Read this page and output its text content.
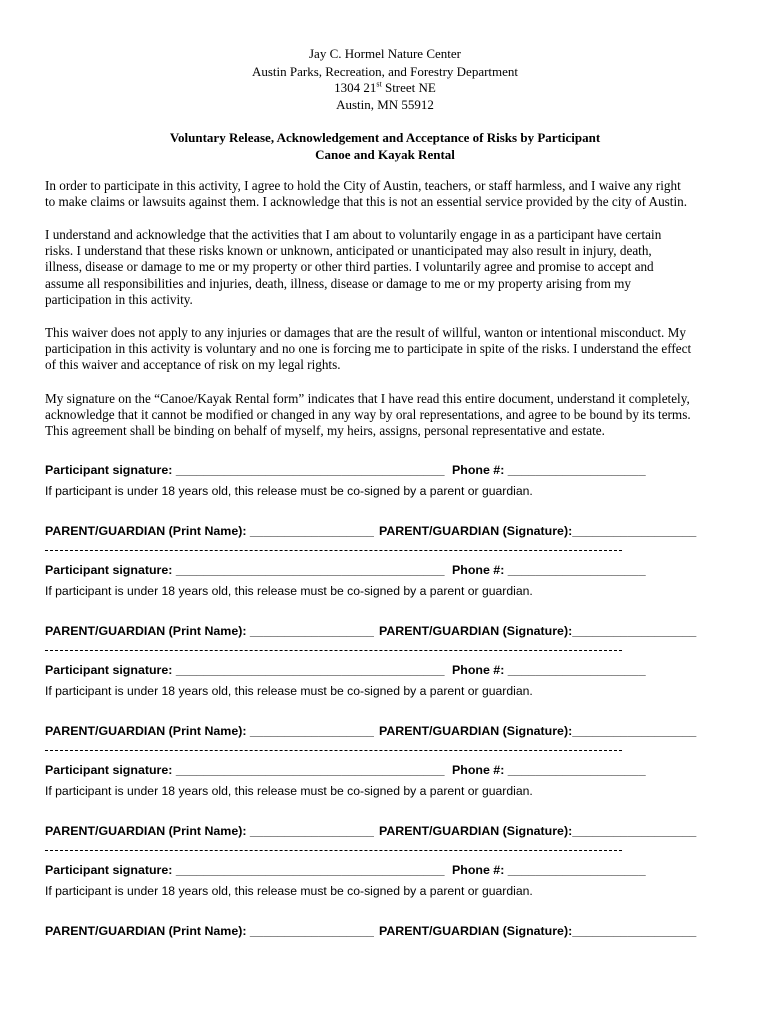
Jay C. Hormel Nature Center
Austin Parks, Recreation, and Forestry Department
1304 21st Street NE
Austin, MN 55912
Voluntary Release, Acknowledgement and Acceptance of Risks by Participant
Canoe and Kayak Rental
In order to participate in this activity, I agree to hold the City of Austin, teachers, or staff harmless, and I waive any right
to make claims or lawsuits against them. I acknowledge that this is not an essential service provided by the city of Austin.
I understand and acknowledge that the activities that I am about to voluntarily engage in as a participant have certain
risks. I understand that these risks known or unknown, anticipated or unanticipated may also result in injury, death,
illness, disease or damage to me or my property or other third parties. I voluntarily agree and promise to accept and
assume all responsibilities and injuries, death, illness, disease or damage to me or my property arising from my
participation in this activity.
This waiver does not apply to any injuries or damages that are the result of willful, wanton or intentional misconduct. My
participation in this activity is voluntary and no one is forcing me to participate in spite of the risks. I understand the effect
of this waiver and acceptance of risk on my legal rights.
My signature on the “Canoe/Kayak Rental form” indicates that I have read this entire document, understand it completely,
acknowledge that it cannot be modified or changed in any way by oral representations, and agree to be bound by its terms.
This agreement shall be binding on behalf of myself, my heirs, assigns, personal representative and estate.
Participant signature: _______________________________________ Phone #: ____________________
If participant is under 18 years old, this release must be co-signed by a parent or guardian.
PARENT/GUARDIAN (Print Name): __________________ PARENT/GUARDIAN (Signature):__________________
Participant signature: _______________________________________ Phone #: ____________________
If participant is under 18 years old, this release must be co-signed by a parent or guardian.
PARENT/GUARDIAN (Print Name): __________________ PARENT/GUARDIAN (Signature):__________________
Participant signature: _______________________________________ Phone #: ____________________
If participant is under 18 years old, this release must be co-signed by a parent or guardian.
PARENT/GUARDIAN (Print Name): __________________ PARENT/GUARDIAN (Signature):__________________
Participant signature: _______________________________________ Phone #: ____________________
If participant is under 18 years old, this release must be co-signed by a parent or guardian.
PARENT/GUARDIAN (Print Name): __________________ PARENT/GUARDIAN (Signature):__________________
Participant signature: _______________________________________ Phone #: ____________________
If participant is under 18 years old, this release must be co-signed by a parent or guardian.
PARENT/GUARDIAN (Print Name): __________________ PARENT/GUARDIAN (Signature):__________________
